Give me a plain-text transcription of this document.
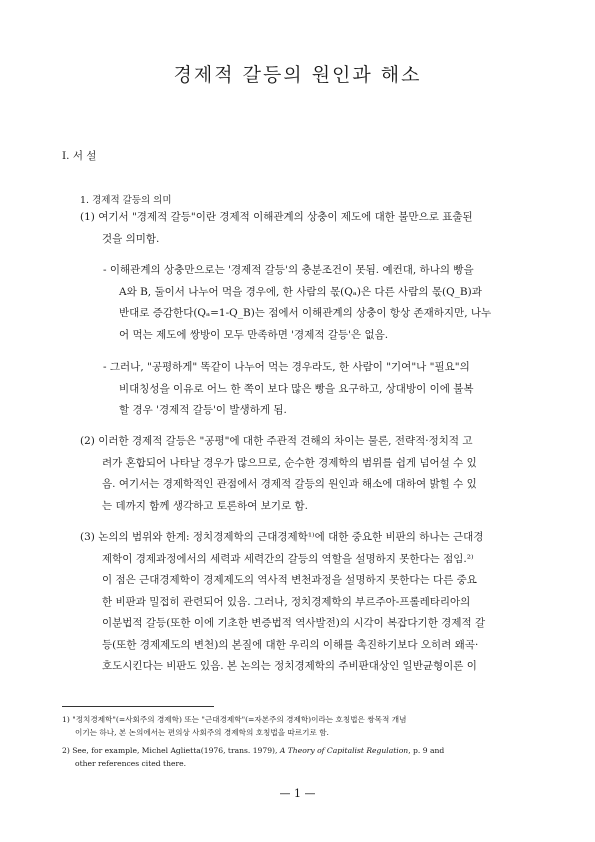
경제적 갈등의 원인과 해소
I. 서 설
1. 경제적 갈등의 의미
(1) 여기서 "경제적 갈등"이란 경제적 이해관계의 상충이 제도에 대한 불만으로 표출된
것을 의미함.
- 이해관계의 상충만으로는 '경제적 갈등'의 충분조건이 못됨. 예컨대, 하나의 빵을
A와 B, 둘이서 나누어 먹을 경우에, 한 사람의 몫(Qₐ)은 다른 사람의 몫(Q_B)과
반대로 증감한다(Qₐ=1-Q_B)는 점에서 이해관계의 상충이 항상 존재하지만, 나누
어 먹는 제도에 쌍방이 모두 만족하면 '경제적 갈등'은 없음.
- 그러나, "공평하게" 똑같이 나누어 먹는 경우라도, 한 사람이 "기여"나 "필요"의
비대칭성을 이유로 어느 한 쪽이 보다 많은 빵을 요구하고, 상대방이 이에 불복
할 경우 '경제적 갈등'이 발생하게 됨.
(2) 이러한 경제적 갈등은 "공평"에 대한 주관적 견해의 차이는 물론, 전략적·정치적 고
려가 혼합되어 나타날 경우가 많으므로, 순수한 경제학의 범위를 쉽게 넘어설 수 있
음. 여기서는 경제학적인 관점에서 경제적 갈등의 원인과 해소에 대하여 밝힐 수 있
는 데까지 함께 생각하고 토론하여 보기로 함.
(3) 논의의 범위와 한계: 정치경제학의 근대경제학¹⁾에 대한 중요한 비판의 하나는 근대경
제학이 경제과정에서의 세력과 세력간의 갈등의 역할을 설명하지 못한다는 점임.²⁾
이 점은 근대경제학이 경제제도의 역사적 변천과정을 설명하지 못한다는 다른 중요
한 비판과 밀접히 관련되어 있음. 그러나, 정치경제학의 부르주아-프롤레타리아의
이분법적 갈등(또한 이에 기초한 변증법적 역사발전)의 시각이 복잡다기한 경제적 갈
등(또한 경제제도의 변천)의 본질에 대한 우리의 이해를 촉진하기보다 오히려 왜곡·
호도시킨다는 비판도 있음. 본 논의는 정치경제학의 주비판대상인 일반균형이론 이
1) "정치경제학"(=사회주의 경제학) 또는 "근대경제학"(=자본주의 경제학)이라는 호칭법은 쌍목적 개념
이기는 하나, 본 논의에서는 편의상 사회주의 경제학의 호칭법을 따르기로 함.
2) See, for example, Michel Aglietta(1976, trans. 1979), A Theory of Capitalist Regulation, p. 9 and
other references cited there.
— 1 —
